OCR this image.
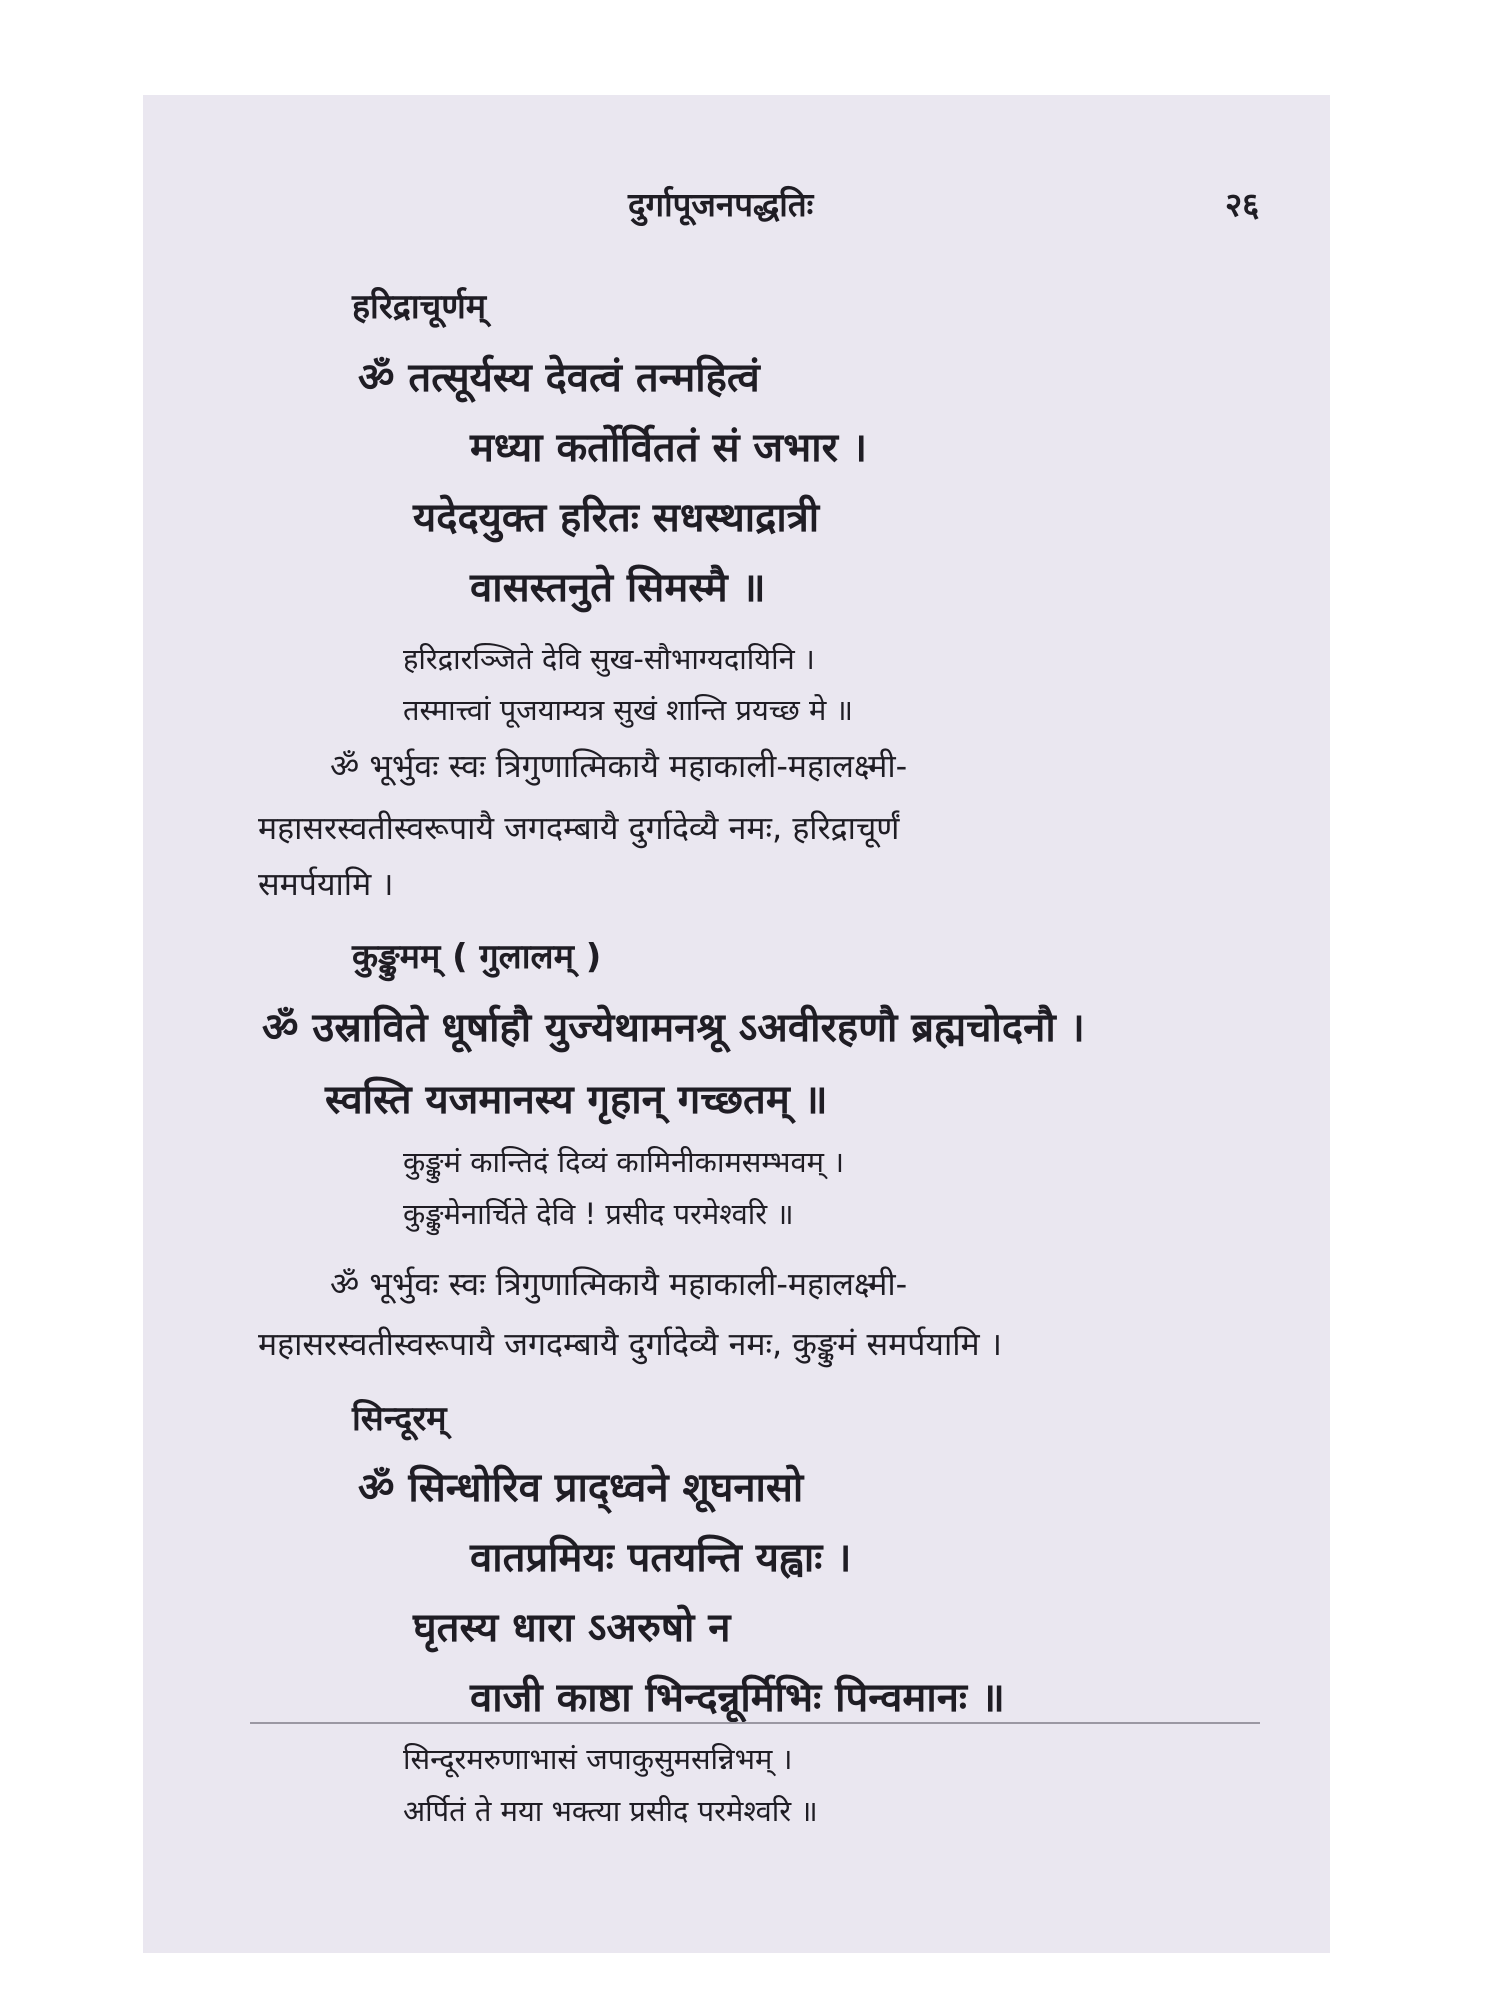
दुर्गापूजनपद्धतिः	२६
हरिद्राचूर्णम्
ॐ तत्सूर्यस्य देवत्वं तन्महित्वं
मध्या कर्तोर्विततं सं जभार ।
यदेदयुक्त हरितः सधस्थाद्रात्री
वासस्तनुते सिमस्मै ॥
हरिद्रारञ्जिते देवि सुख-सौभाग्यदायिनि ।
तस्मात्त्वां पूजयाम्यत्र सुखं शान्ति प्रयच्छ मे ॥
ॐ भूर्भुवः स्वः त्रिगुणात्मिकायै महाकाली-महालक्ष्मी-
महासरस्वतीस्वरूपायै जगदम्बायै दुर्गादेव्यै नमः, हरिद्राचूर्णं
समर्पयामि ।
कुङ्कुमम् ( गुलालम् )
ॐ उस्राविते धूर्षाहौ युज्येथामनश्रू ऽअवीरहणौ ब्रह्मचोदनौ ।
स्वस्ति यजमानस्य गृहान् गच्छतम् ॥
कुङ्कुमं कान्तिदं दिव्यं कामिनीकामसम्भवम् ।
कुङ्कुमेनार्चिते देवि ! प्रसीद परमेश्वरि ॥
ॐ भूर्भुवः स्वः त्रिगुणात्मिकायै महाकाली-महालक्ष्मी-
महासरस्वतीस्वरूपायै जगदम्बायै दुर्गादेव्यै नमः, कुङ्कुमं समर्पयामि ।
सिन्दूरम्
ॐ सिन्धोरिव प्राद्ध्वने शूघनासो
वातप्रमियः पतयन्ति यह्वाः ।
घृतस्य धारा ऽअरुषो न
वाजी काष्ठा भिन्दन्नूर्मिभिः पिन्वमानः ॥
सिन्दूरमरुणाभासं जपाकुसुमसन्निभम् ।
अर्पितं ते मया भक्त्या प्रसीद परमेश्वरि ॥
